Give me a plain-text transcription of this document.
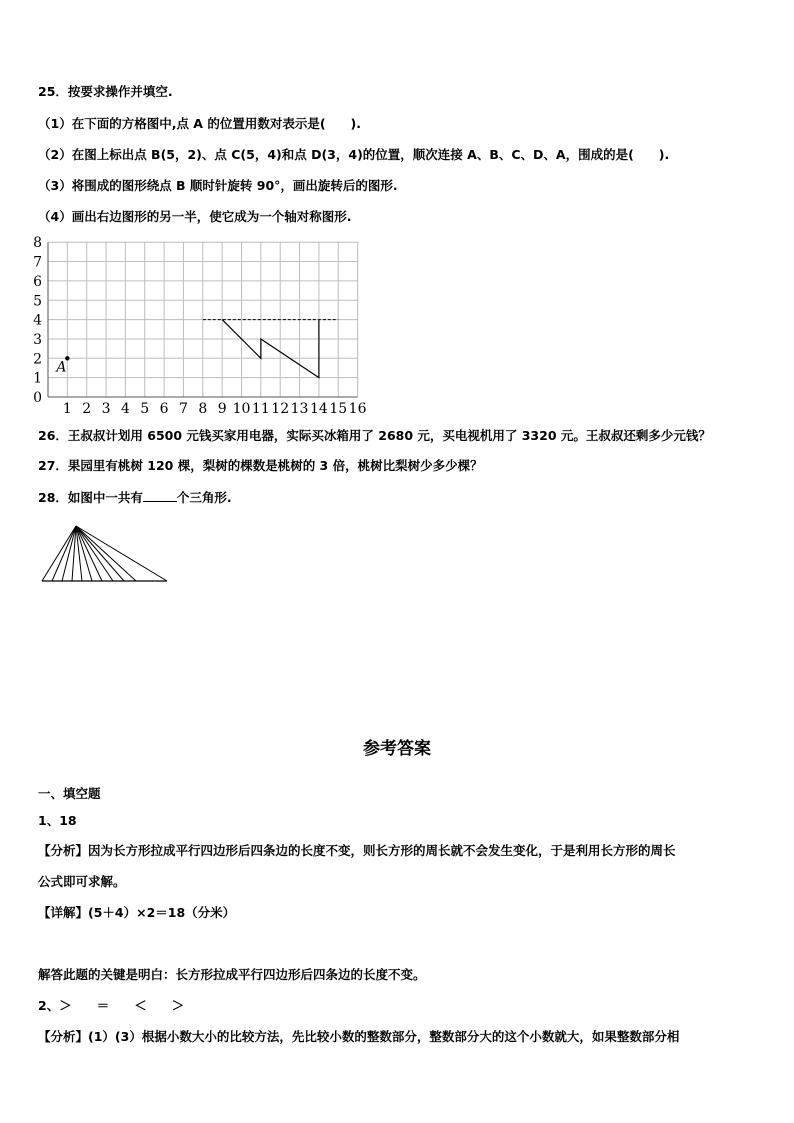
25．按要求操作并填空.
（1）在下面的方格图中,点 A 的位置用数对表示是(　　).
（2）在图上标出点 B(5，2)、点 C(5，4)和点 D(3，4)的位置，顺次连接 A、B、C、D、A，围成的是(　　).
（3）将围成的图形绕点 B 顺时针旋转 90°，画出旋转后的图形.
（4）画出右边图形的另一半，使它成为一个轴对称图形.
1 2 3 4 5 6 7 8 9 10 11 12 13 14 15 16
0
1
2
3
4
5
6
7
8
A
26．王叔叔计划用 6500 元钱买家用电器，实际买冰箱用了 2680 元，买电视机用了 3320 元。王叔叔还剩多少元钱？
27．果园里有桃树 120 棵，梨树的棵数是桃树的 3 倍，桃树比梨树少多少棵？
28．如图中一共有	个三角形.
参考答案
一、填空题
1、18
【分析】因为长方形拉成平行四边形后四条边的长度不变，则长方形的周长就不会发生变化，于是利用长方形的周长
公式即可求解。
【详解】(5＋4）×2＝18（分米）
解答此题的关键是明白：长方形拉成平行四边形后四条边的长度不变。
2、＞　　＝　　＜　　＞
【分析】(1）(3）根据小数大小的比较方法，先比较小数的整数部分，整数部分大的这个小数就大，如果整数部分相
